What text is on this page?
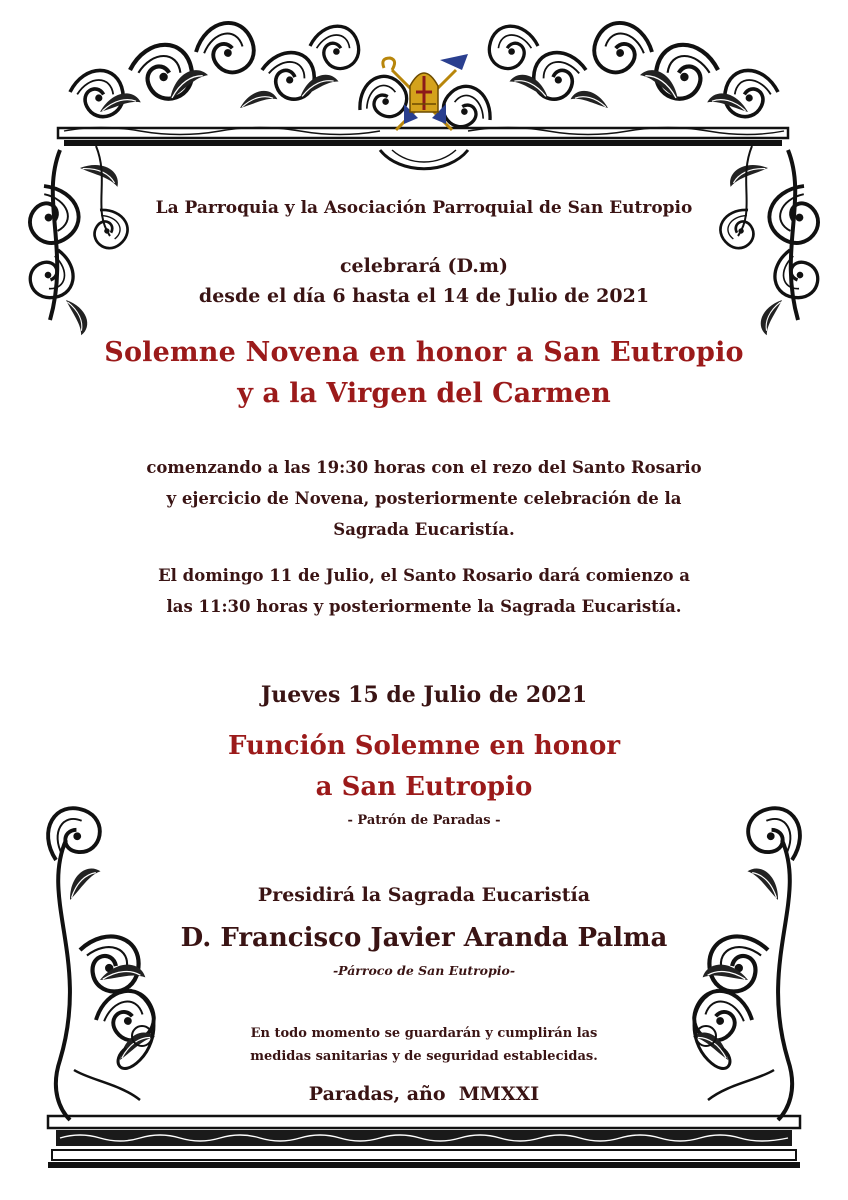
La Parroquia y la Asociación Parroquial de San Eutropio

celebrará (D.m)

desde el día 6 hasta el 14 de Julio de 2021

Solemne Novena en honor a San Eutropio

y a la Virgen del Carmen

comenzando a las 19:30 horas con el rezo del Santo Rosario
y ejercicio de Novena, posteriormente celebración de la
Sagrada Eucaristía.
El domingo 11 de Julio, el Santo Rosario dará comienzo a
las 11:30 horas y posteriormente la Sagrada Eucaristía.

Jueves 15 de Julio de 2021

Función Solemne en honor

a San Eutropio

- Patrón de Paradas -

Presidirá la Sagrada Eucaristía

D. Francisco Javier Aranda Palma

-Párroco de San Eutropio-

En todo momento se guardarán y cumplirán las
medidas sanitarias y de seguridad establecidas.

Paradas, año  MMXXI
